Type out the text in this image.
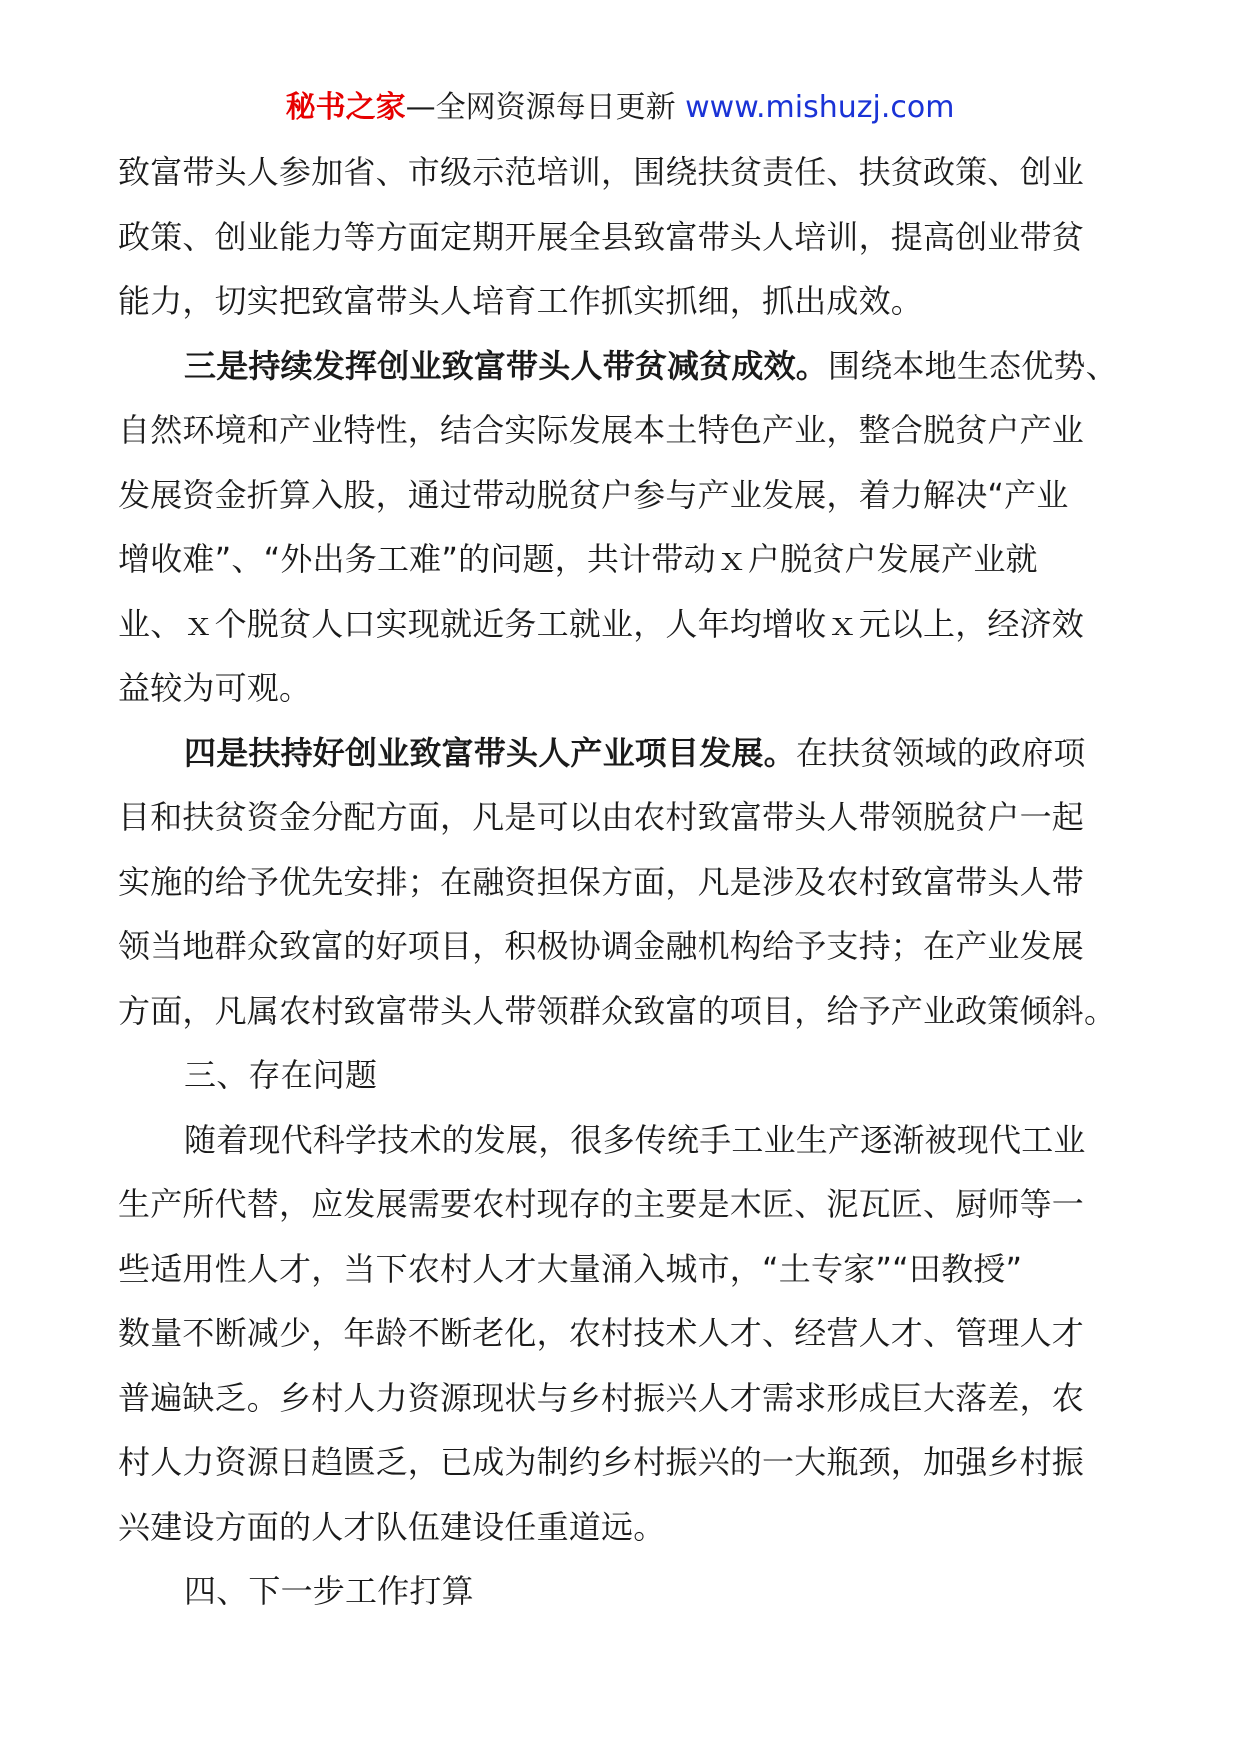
秘书之家—全网资源每日更新 www.mishuzj.com
致富带头人参加省、市级示范培训，围绕扶贫责任、扶贫政策、创业
政策、创业能力等方面定期开展全县致富带头人培训，提高创业带贫
能力，切实把致富带头人培育工作抓实抓细，抓出成效。
三是持续发挥创业致富带头人带贫减贫成效。围绕本地生态优势、
自然环境和产业特性，结合实际发展本土特色产业，整合脱贫户产业
发展资金折算入股，通过带动脱贫户参与产业发展，着力解决“产业
增收难”、“外出务工难”的问题，共计带动ｘ户脱贫户发展产业就
业、ｘ个脱贫人口实现就近务工就业，人年均增收ｘ元以上，经济效
益较为可观。
四是扶持好创业致富带头人产业项目发展。在扶贫领域的政府项
目和扶贫资金分配方面，凡是可以由农村致富带头人带领脱贫户一起
实施的给予优先安排；在融资担保方面，凡是涉及农村致富带头人带
领当地群众致富的好项目，积极协调金融机构给予支持；在产业发展
方面，凡属农村致富带头人带领群众致富的项目，给予产业政策倾斜。
三、存在问题
随着现代科学技术的发展，很多传统手工业生产逐渐被现代工业
生产所代替，应发展需要农村现存的主要是木匠、泥瓦匠、厨师等一
些适用性人才，当下农村人才大量涌入城市，“土专家”“田教授”
数量不断减少，年龄不断老化，农村技术人才、经营人才、管理人才
普遍缺乏。乡村人力资源现状与乡村振兴人才需求形成巨大落差，农
村人力资源日趋匮乏，已成为制约乡村振兴的一大瓶颈，加强乡村振
兴建设方面的人才队伍建设任重道远。
四、下一步工作打算
